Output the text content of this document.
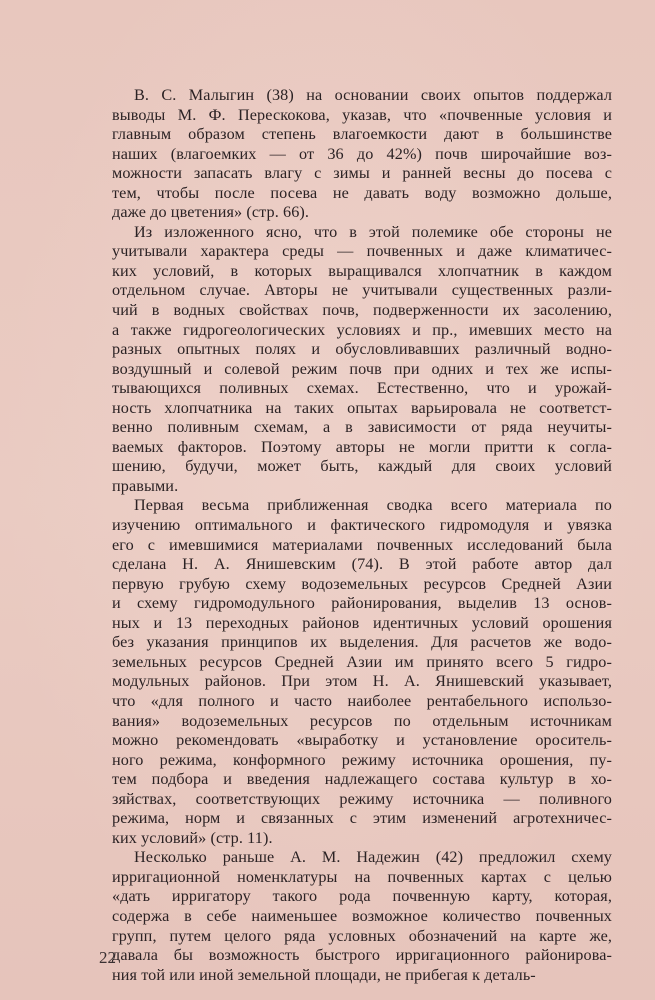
В. С. Малыгин (38) на основании своих опытов поддержал
выводы М. Ф. Перескокова, указав, что «почвенные условия и
главным образом степень влагоемкости дают в большинстве
наших (влагоемких — от 36 до 42%) почв широчайшие воз-
можности запасать влагу с зимы и ранней весны до посева с
тем, чтобы после посева не давать воду возможно дольше,
даже до цветения» (стр. 66).
Из изложенного ясно, что в этой полемике обе стороны не
учитывали характера среды — почвенных и даже климатичес-
ких условий, в которых выращивался хлопчатник в каждом
отдельном случае. Авторы не учитывали существенных разли-
чий в водных свойствах почв, подверженности их засолению,
а также гидрогеологических условиях и пр., имевших место на
разных опытных полях и обусловливавших различный водно-
воздушный и солевой режим почв при одних и тех же испы-
тывающихся поливных схемах. Естественно, что и урожай-
ность хлопчатника на таких опытах варьировала не соответст-
венно поливным схемам, а в зависимости от ряда неучиты-
ваемых факторов. Поэтому авторы не могли притти к согла-
шению, будучи, может быть, каждый для своих условий
правыми.
Первая весьма приближенная сводка всего материала по
изучению оптимального и фактического гидромодуля и увязка
его с имевшимися материалами почвенных исследований была
сделана Н. А. Янишевским (74). В этой работе автор дал
первую грубую схему водоземельных ресурсов Средней Азии
и схему гидромодульного районирования, выделив 13 основ-
ных и 13 переходных районов идентичных условий орошения
без указания принципов их выделения. Для расчетов же водо-
земельных ресурсов Средней Азии им принято всего 5 гидро-
модульных районов. При этом Н. А. Янишевский указывает,
что «для полного и часто наиболее рентабельного использо-
вания» водоземельных ресурсов по отдельным источникам
можно рекомендовать «выработку и установление ороситель-
ного режима, конформного режиму источника орошения, пу-
тем подбора и введения надлежащего состава культур в хо-
зяйствах, соответствующих режиму источника — поливного
режима, норм и связанных с этим изменений агротехничес-
ких условий» (стр. 11).
Несколько раньше А. М. Надежин (42) предложил схему
ирригационной номенклатуры на почвенных картах с целью
«дать ирригатору такого рода почвенную карту, которая,
содержа в себе наименьшее возможное количество почвенных
групп, путем целого ряда условных обозначений на карте же,
давала бы возможность быстрого ирригационного районирова-
ния той или иной земельной площади, не прибегая к деталь-
22
